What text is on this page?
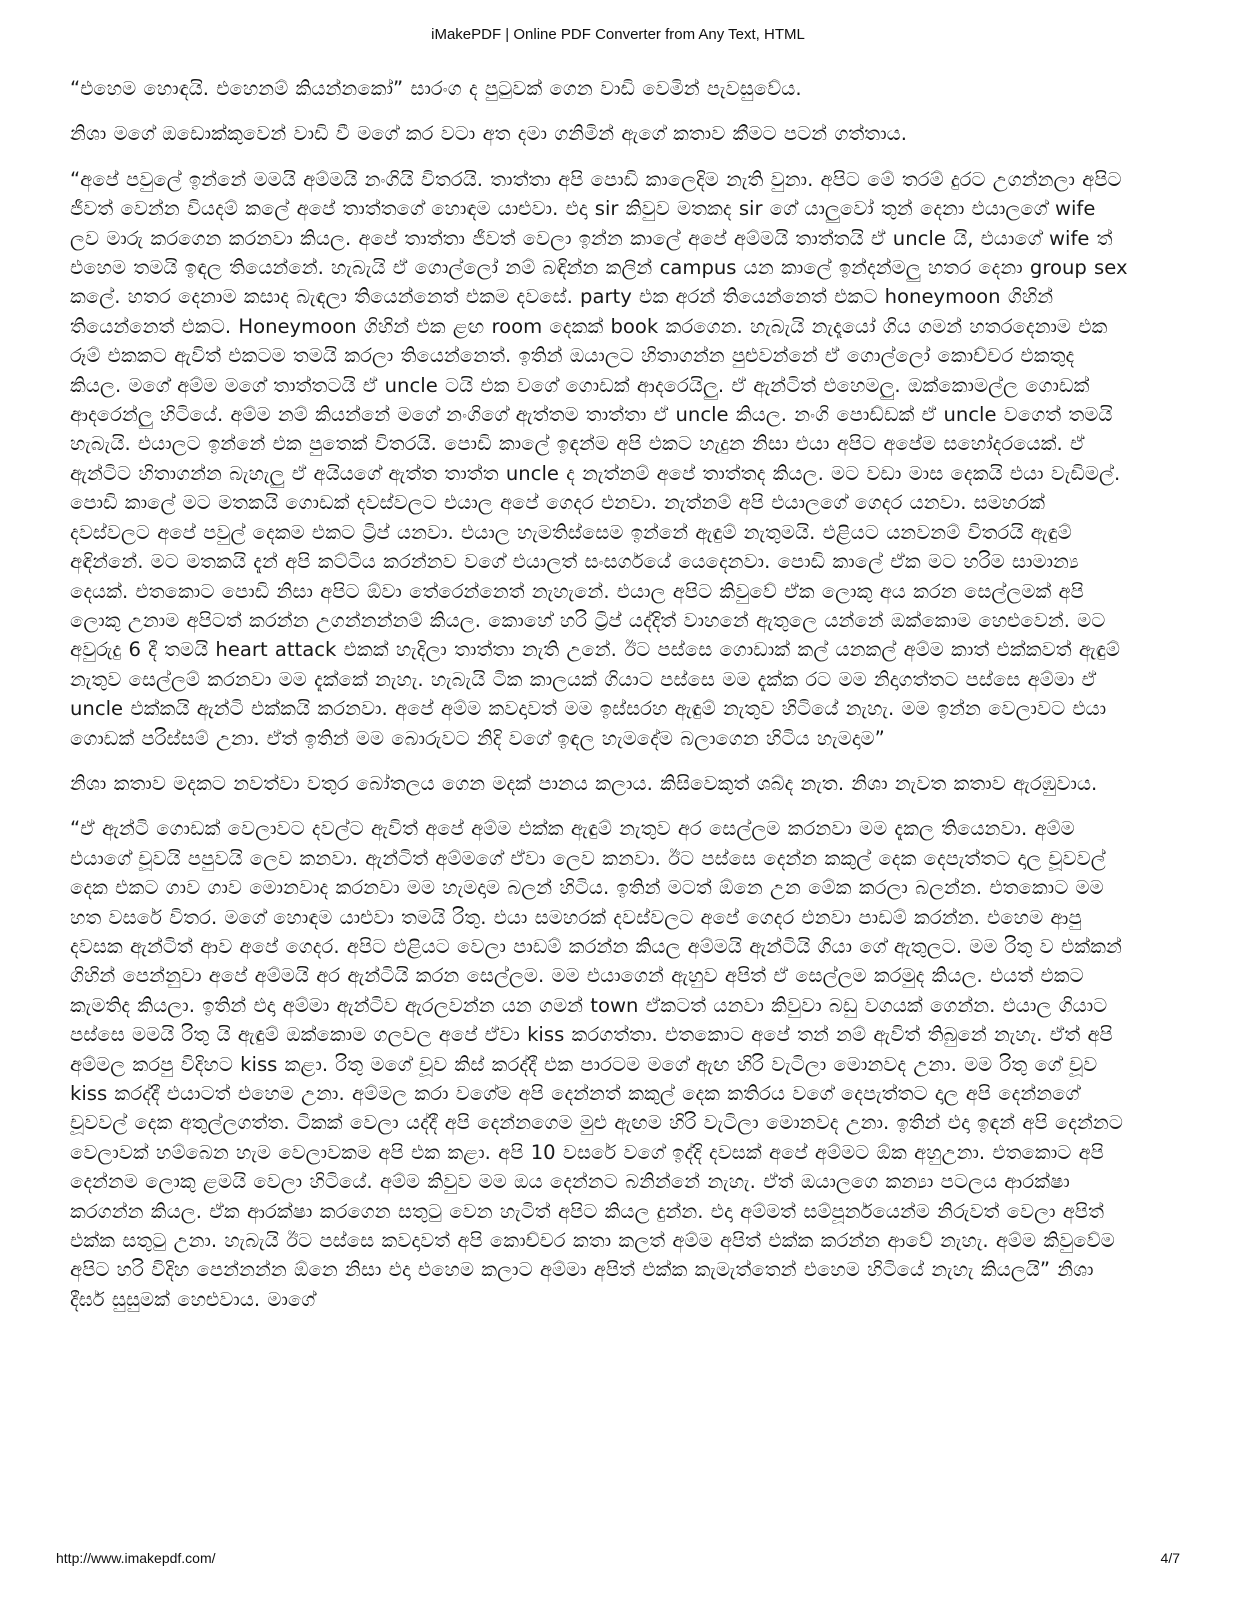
iMakePDF | Online PDF Converter from Any Text, HTML

“එහෙම හොඳයි. එහෙනම් කියන්නකෝ” සාරංග ද පුටුවක් ගෙන වාඩි වෙමින් පැවසුවේය.

නිශා මගේ ඔඩොක්කුවෙන් වාඩි වී මගේ කර වටා අත දමා ගනිමින් ඇගේ කතාව කීමට පටන් ගත්තාය.

“අපේ පවුලේ ඉන්නේ මමයි අම්මයි නංගියි විතරයි. තාත්තා අපි පොඩි කාලෙදිම නැති වුනා. අපිට මේ තරම් දුරට උගන්නලා අපිට ජීවත් වෙන්න වියදම් කලේ අපේ තාත්තගේ හොඳම යාළුවා. එදා sir කිවුව මතකද sir ගේ යාලුවෝ තුන් දෙනා එයාලගේ wife ලව මාරු කරගෙන කරනවා කියල. අපේ තාත්තා ජීවත් වෙලා ඉන්න කාලේ අපේ අම්මයි තාත්තයි ඒ uncle යි, එයාගේ wife ත් එහෙම තමයි ඉඳල තියෙන්නේ. හැබැයි ඒ ගොල්ලෝ නම් බඳින්න කලින් campus යන කාලේ ඉන්දන්මලු හතර දෙනා group sex කලේ. හතර දෙනාම කසාද බැඳලා තියෙන්නෙත් එකම දවසේ. party එක අරන් තියෙන්නෙත් එකට honeymoon ගිහින් තියෙන්නෙත් එකට. Honeymoon ගිහින් එක ළඟ room දෙකක් book කරගෙන. හැබැයි නැදෑයෝ ගිය ගමන් හතරදෙනාම එක රූම් එකකට ඇවිත් එකටම තමයි කරලා තියෙන්නෙත්. ඉතින් ඔයාලට හිතාගන්න පුළුවන්නේ ඒ ගොල්ලෝ කොච්චර එකතුද කියල. මගේ අම්ම මගේ තාත්තටයි ඒ uncle ටයි එක වගේ ගොඩක් ආදරෙයිලු. ඒ ඇන්ටිත් එහෙමලු. ඔක්කොමල්ල ගොඩක් ආදරෙන්ලු හිටියේ. අම්ම නම් කියන්නේ මගේ නංගිගේ ඇත්තම තාත්තා ඒ uncle කියල. නංගි පොඩ්ඩක් ඒ uncle වගෙත් තමයි හැබැයි. එයාලට ඉන්නේ එක පුතෙක් විතරයි. පොඩි කාලේ ඉඳන්ම අපි එකට හැදුන නිසා එයා අපිට අපේම සහෝදරයෙක්. ඒ ඇන්ටිට හිතාගන්න බැහැලු ඒ අයියගේ ඇත්ත තාත්ත uncle ද නැත්නම් අපේ තාත්තද කියල. මට වඩා මාස දෙකයි එයා වැඩිමල්. පොඩි කාලේ මට මතකයි ගොඩක් දවස්වලට එයාල අපේ ගෙදර එනවා. නැත්නම් අපි එයාලගේ ගෙදර යනවා. සමහරක් දවස්වලට අපේ පවුල් දෙකම එකට ට්‍රිප් යනවා. එයාල හැමතිස්සෙම ඉන්නේ ඇඳුම් නැතුමයි. එළියට යනවනම් විතරයි ඇඳුම් අඳින්නේ. මට මතකයි දැන් අපි කට්ටිය කරන්නව වගේ එයාලත් සංසර්ගයේ යෙදෙනවා. පොඩි කාලේ ඒක මට හරිම සාමාන්‍ය දෙයක්. එතකොට පොඩි නිසා අපිට ඕවා තේරෙන්නෙත් නැහැනේ. එයාල අපිට කිවුවේ ඒක ලොකු අය කරන සෙල්ලමක් අපි ලොකු උනාම අපිටත් කරන්න උගන්නන්නම් කියල. කොහේ හරි ට්‍රිප් යද්දිත් වාහනේ ඇතුලෙ යන්නේ ඔක්කොම හෙළුවෙන්. මට අවුරුදු 6 දී තමයි heart attack එකක් හැදිලා තාත්තා නැති උනේ. ඊට පස්සෙ ගොඩාක් කල් යනකල් අම්ම කාත් එක්කවත් ඇඳුම් නැතුව සෙල්ලම් කරනවා මම දැක්කේ නැහැ. හැබැයි ටික කාලයක් ගියාට පස්සෙ මම දැක්ක රට මම නිදාගත්තට පස්සෙ අම්මා ඒ uncle එක්කයි ඇන්ටි එක්කයි කරනවා. අපේ අම්ම කවදාවත් මම ඉස්සරහ ඇඳුම් නැතුව හිටියේ නැහැ. මම ඉන්න වෙලාවට එයා ගොඩක් පරිස්සම් උනා. ඒත් ඉතින් මම බොරුවට නිදි වගේ ඉඳල හැමදේම බලාගෙන හිටිය හැමදාම”

නිශා කතාව මදකට නවත්වා වතුර බෝතලය ගෙන මදක් පානය කලාය. කිසිවෙකුත් ශබ්ද නැත. නිශා නැවත කතාව ඇරඹුවාය.

“ඒ ඇන්ටි ගොඩක් වෙලාවට දවල්ට ඇවිත් අපේ අම්ම එක්ක ඇඳුම් නැතුව අර සෙල්ලම කරනවා මම දැකල තියෙනවා. අම්ම එයාගේ චූවයි පපුවයි ලෙව කනවා. ඇන්ටිත් අම්මගේ ඒවා ලෙව කනවා. ඊට පස්සෙ දෙන්න කකුල් දෙක දෙපැත්තට දාල චූවවල් දෙක එකට ගාව ගාව මොනවාද කරනවා මම හැමදාම බලන් හිටිය. ඉතින් මටත් ඕනෙ උන මේක කරලා බලන්න. එතකොට මම හත වසරේ විතර. මගේ හොඳම යාළුවා තමයි රිතු. එයා සමහරක් දවස්වලට අපේ ගෙදර එනවා පාඩම් කරන්න. එහෙම ආපු දවසක ඇන්ටිත් ආව අපේ ගෙදර. අපිට එළියට වෙලා පාඩම් කරන්න කියල අම්මයි ඇන්ටියි ගියා ගේ ඇතුලට. මම රිතු ව එක්කන් ගිහින් පෙන්නුවා අපේ අම්මයි අර ඇන්ටියි කරන සෙල්ලම. මම එයාගෙන් ඇහුව අපිත් ඒ සෙල්ලම කරමුද කියල. එයත් එකට කැමතිද කියලා. ඉතින් එදා අම්මා ඇන්ටිව ඇරලවන්න යන ගමන් town ඒකටත් යනවා කිවුවා බඩු වගයක් ගෙන්න. එයාල ගියාට පස්සෙ මමයි රිතු යි ඇඳුම් ඔක්කොම ගලවල අපේ ඒවා kiss කරගත්තා. එතකොට අපේ තන් නම් ඇවිත් තිබුනේ නැහැ. ඒත් අපි අම්මල කරපු විදිහට kiss කළා. රිතු මගේ චූව කිස් කරද්දී එක පාරටම මගේ ඇඟ හිරි වැටිලා මොනවද උනා. මම රිතු ගේ චූව kiss කරද්දී එයාටත් එහෙම උනා. අම්මල කරා වගේම අපි දෙන්නත් කකුල් දෙක කතිරය වගේ දෙපැත්තට දාල අපි දෙන්නගේ චූවවල් දෙක අතුල්ලගත්ත. ටිකක් වෙලා යද්දී අපි දෙන්නගෙම මුළු ඇඟම හිරි වැටිලා මොනවද උනා. ඉතින් එදා ඉඳන් අපි දෙන්නට වෙලාවක් හම්බෙන හැම වෙලාවකම අපි එක කළා. අපි 10 වසරේ වගේ ඉද්දි දවසක් අපේ අම්මට ඕක අහුඋනා. එතකොට අපි දෙන්නම ලොකු ළමයි වෙලා හිටියේ. අම්ම කිවුව මම ඔය දෙන්නට බනින්නේ නැහැ. ඒත් ඔයාලගෙ කන්‍යා පටලය ආරක්ෂා කරගන්න කියල. ඒක ආරක්ෂා කරගෙන සතුටු වෙන හැටිත් අපිට කියල දුන්න. එදා අම්මත් සම්පූර්නයෙන්ම නිරුවත් වෙලා අපිත් එක්ක සතුටු උනා. හැබැයි ඊට පස්සෙ කවදාවත් අපි කොච්චර කතා කලත් අම්ම අපිත් එක්ක කරන්න ආවේ නැහැ. අම්ම කිවුවේම අපිට හරි විදිහ පෙන්නන්න ඕනෙ නිසා එදා එහෙම කලාට අම්මා අපිත් එක්ක කැමැත්තෙන් එහෙම හිටියේ නැහැ කියලයි” නිශා දීර්ඝ සුසුමක් හෙළුවාය. මාගේ

http://www.imakepdf.com/	4/7
